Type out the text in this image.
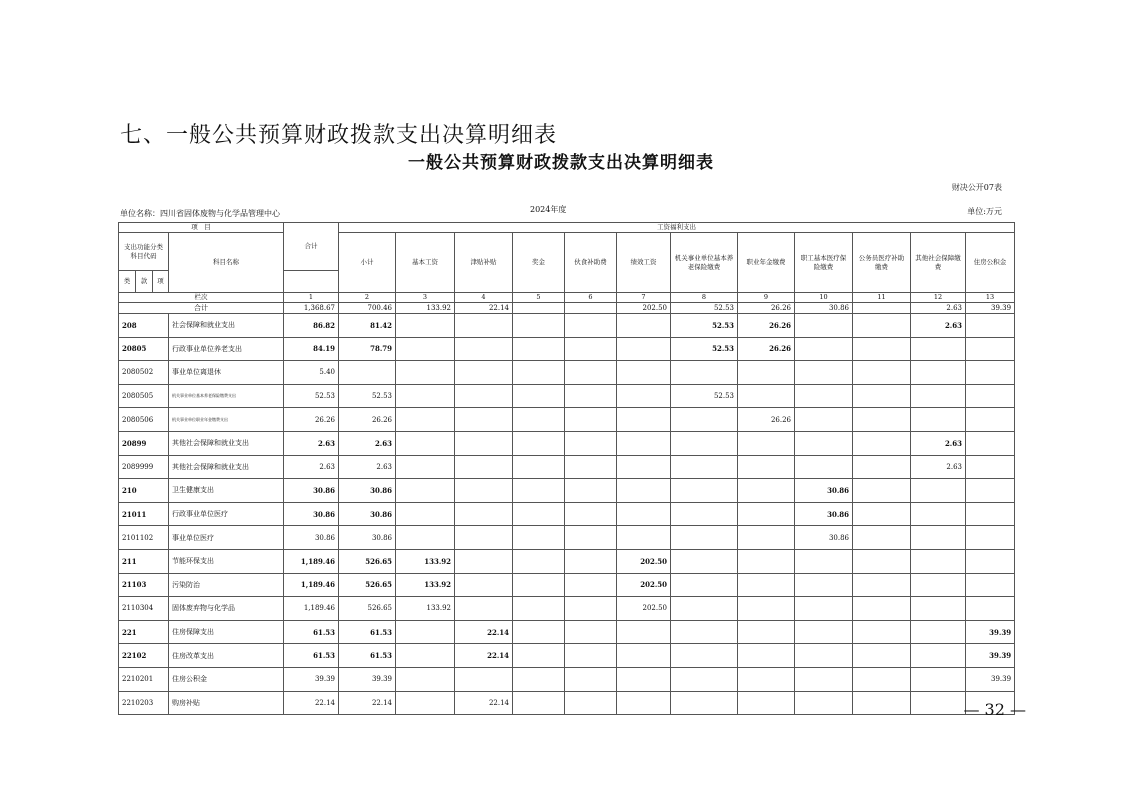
七、一般公共预算财政拨款支出决算明细表
一般公共预算财政拨款支出决算明细表
财决公开07表
单位名称：四川省固体废物与化学品管理中心	2024年度	单位:万元
项　目				合计	工资福利支出											
支出功能分类科目代码			科目名称		小计	基本工资	津贴补贴	奖金	伙食补助费	绩效工资	机关事业单位基本养老保险缴费	职业年金缴费	职工基本医疗保险缴费	公务员医疗补助缴费	其他社会保障缴费	住房公积金
类	款	项														
栏次				1	2	3	4	5	6	7	8	9	10	11	12	13
合计				1,368.67	700.46	133.92	22.14			202.50	52.53	26.26	30.86		2.63	39.39
208			社会保障和就业支出	86.82	81.42						52.53	26.26			2.63	
20805			行政事业单位养老支出	84.19	78.79						52.53	26.26				
2080502			事业单位离退休	5.40												
2080505			机关事业单位基本养老保险缴费支出	52.53	52.53						52.53					
2080506			机关事业单位职业年金缴费支出	26.26	26.26							26.26				
20899			其他社会保障和就业支出	2.63	2.63										2.63	
2089999			其他社会保障和就业支出	2.63	2.63										2.63	
210			卫生健康支出	30.86	30.86								30.86			
21011			行政事业单位医疗	30.86	30.86								30.86			
2101102			事业单位医疗	30.86	30.86								30.86			
211			节能环保支出	1,189.46	526.65	133.92				202.50						
21103			污染防治	1,189.46	526.65	133.92				202.50						
2110304			固体废弃物与化学品	1,189.46	526.65	133.92				202.50						
221			住房保障支出	61.53	61.53		22.14									39.39
22102			住房改革支出	61.53	61.53		22.14									39.39
2210201			住房公积金	39.39	39.39											39.39
2210203			购房补贴	22.14	22.14		22.14										— 32 —
